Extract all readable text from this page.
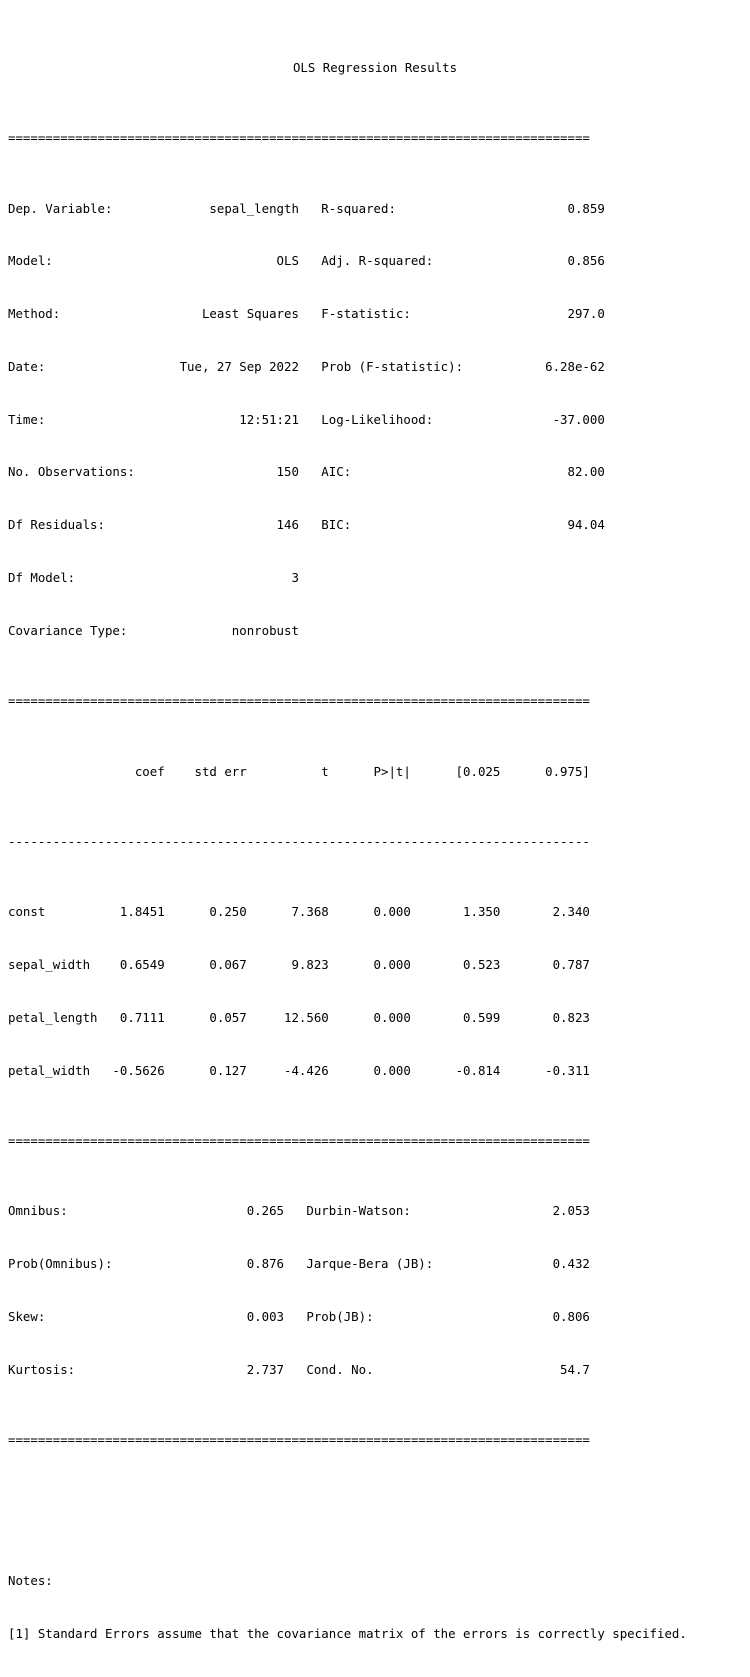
OLS Regression Results

==============================================================================

Dep. Variable:             sepal_length   R-squared:                       0.859

Model:                              OLS   Adj. R-squared:                  0.856

Method:                   Least Squares   F-statistic:                     297.0

Date:                  Tue, 27 Sep 2022   Prob (F-statistic):           6.28e-62

Time:                          12:51:21   Log-Likelihood:                -37.000

No. Observations:                   150   AIC:                             82.00

Df Residuals:                       146   BIC:                             94.04

Df Model:                             3

Covariance Type:              nonrobust

==============================================================================

coef    std err          t      P>|t|      [0.025      0.975]

------------------------------------------------------------------------------

const          1.8451      0.250      7.368      0.000       1.350       2.340

sepal_width    0.6549      0.067      9.823      0.000       0.523       0.787

petal_length   0.7111      0.057     12.560      0.000       0.599       0.823

petal_width   -0.5626      0.127     -4.426      0.000      -0.814      -0.311

==============================================================================

Omnibus:                        0.265   Durbin-Watson:                   2.053

Prob(Omnibus):                  0.876   Jarque-Bera (JB):                0.432

Skew:                           0.003   Prob(JB):                        0.806

Kurtosis:                       2.737   Cond. No.                         54.7

==============================================================================

Notes:

[1] Standard Errors assume that the covariance matrix of the errors is correctly specified.
